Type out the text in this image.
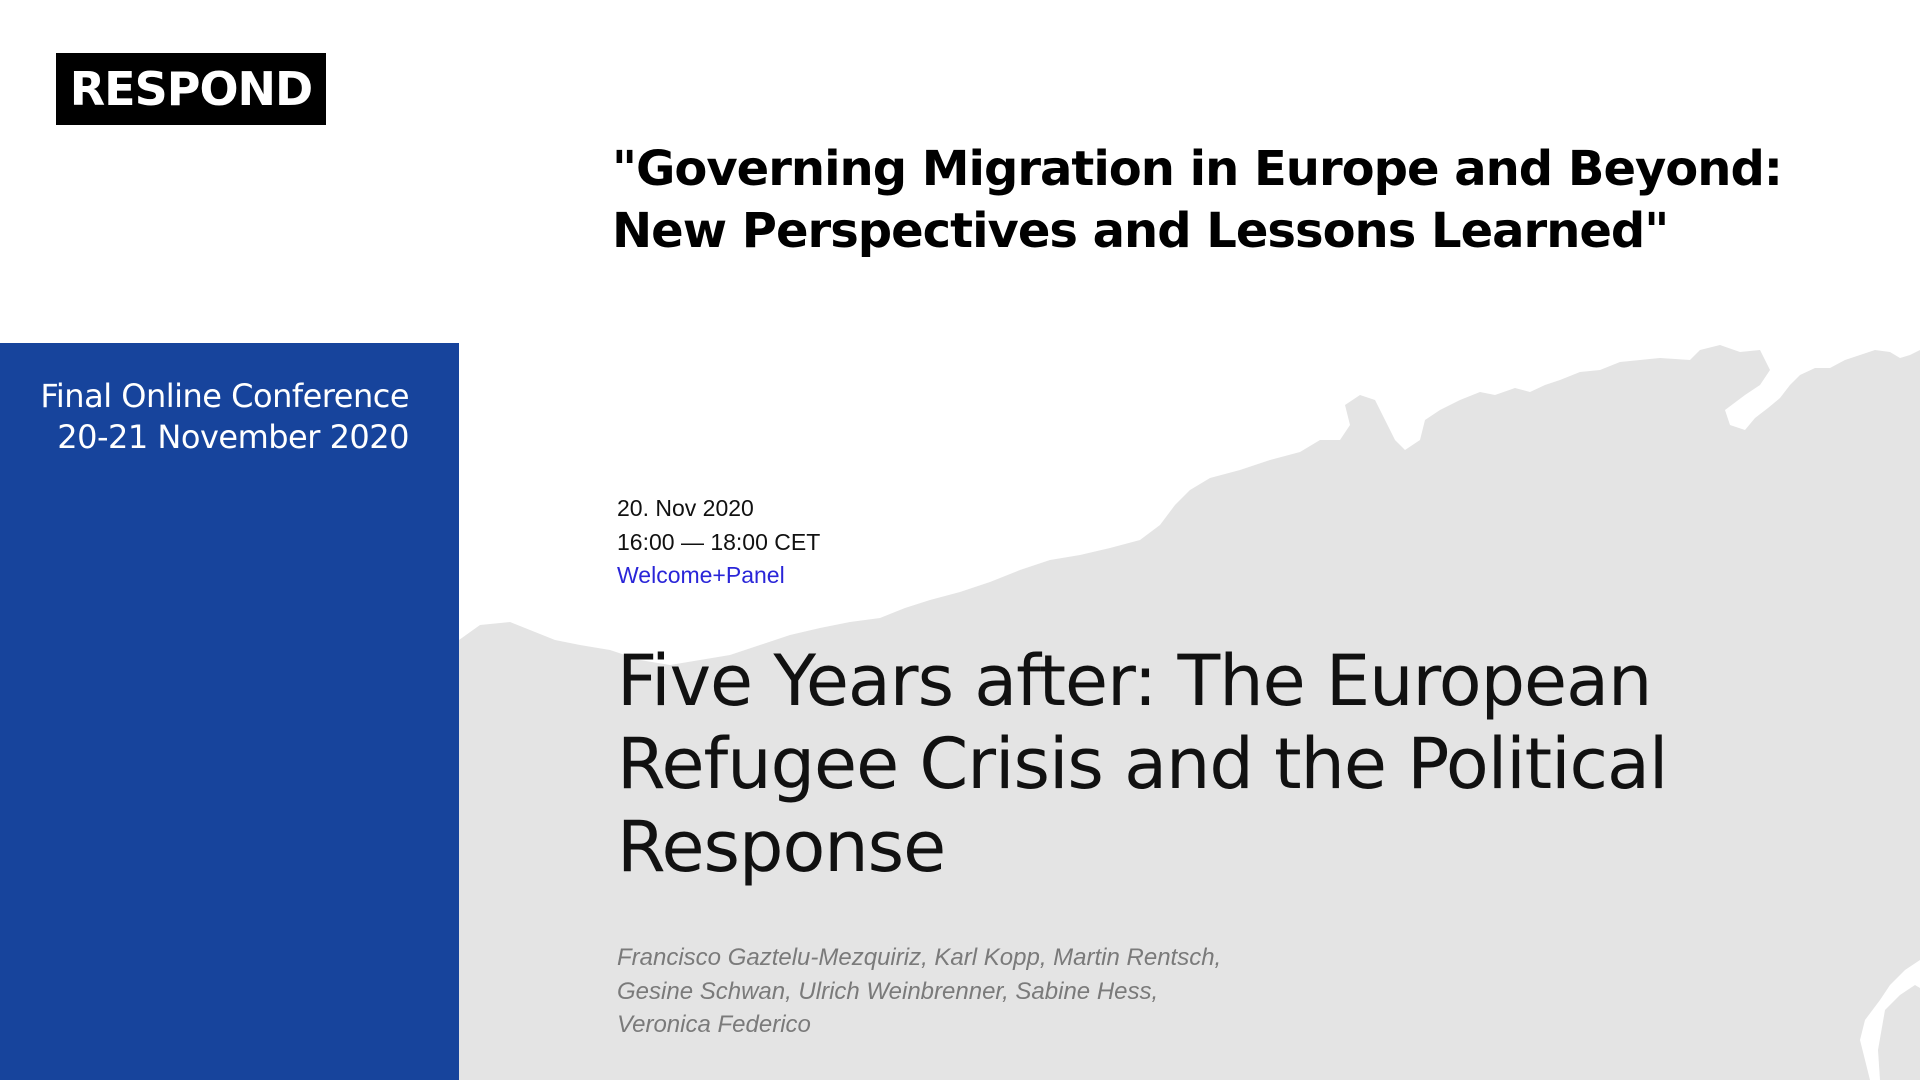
RESPOND
"Governing Migration in Europe and Beyond:
New Perspectives and Lessons Learned"
Final Online Conference
20-21 November 2020
20. Nov 2020
16:00 — 18:00 CET
Welcome+Panel
Five Years after: The European
Refugee Crisis and the Political
Response
Francisco Gaztelu-Mezquiriz, Karl Kopp, Martin Rentsch,
Gesine Schwan, Ulrich Weinbrenner, Sabine Hess,
Veronica Federico
